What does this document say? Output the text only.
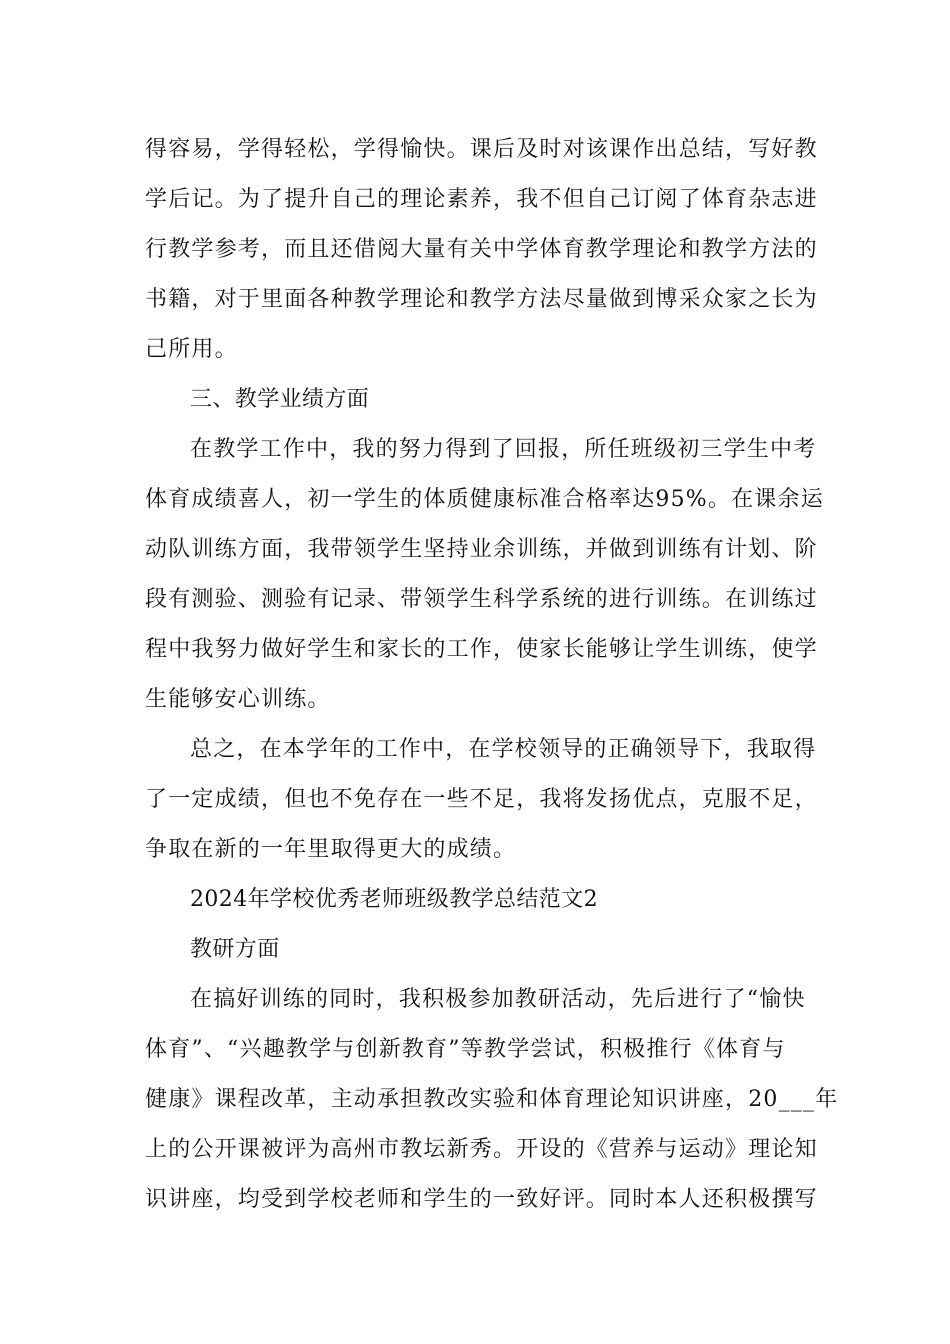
得容易，学得轻松，学得愉快。课后及时对该课作出总结，写好教
学后记。为了提升自己的理论素养，我不但自己订阅了体育杂志进
行教学参考，而且还借阅大量有关中学体育教学理论和教学方法的
书籍，对于里面各种教学理论和教学方法尽量做到博采众家之长为
己所用。
三、教学业绩方面
在教学工作中，我的努力得到了回报，所任班级初三学生中考
体育成绩喜人，初一学生的体质健康标准合格率达95%。在课余运
动队训练方面，我带领学生坚持业余训练，并做到训练有计划、阶
段有测验、测验有记录、带领学生科学系统的进行训练。在训练过
程中我努力做好学生和家长的工作，使家长能够让学生训练，使学
生能够安心训练。
总之，在本学年的工作中，在学校领导的正确领导下，我取得
了一定成绩，但也不免存在一些不足，我将发扬优点，克服不足，
争取在新的一年里取得更大的成绩。
2024年学校优秀老师班级教学总结范文2
教研方面
在搞好训练的同时，我积极参加教研活动，先后进行了“愉快
体育”、“兴趣教学与创新教育”等教学尝试，积极推行《体育与
健康》课程改革，主动承担教改实验和体育理论知识讲座，20___年
上的公开课被评为高州市教坛新秀。开设的《营养与运动》理论知
识讲座，均受到学校老师和学生的一致好评。同时本人还积极撰写
